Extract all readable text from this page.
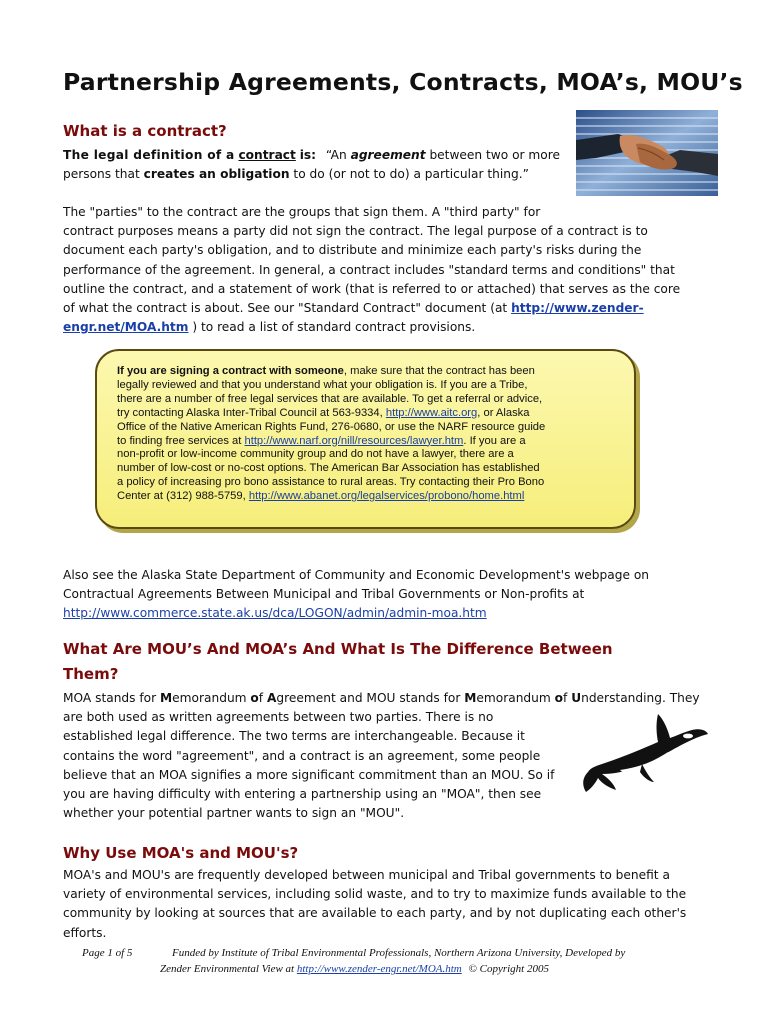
Partnership Agreements, Contracts, MOA’s, MOU’s
What is a contract?
The legal definition of a contract is: “An agreement between two or more
persons that creates an obligation to do (or not to do) a particular thing.”
The "parties" to the contract are the groups that sign them. A "third party" for
contract purposes means a party did not sign the contract. The legal purpose of a contract is to
document each party's obligation, and to distribute and minimize each party's risks during the
performance of the agreement. In general, a contract includes "standard terms and conditions" that
outline the contract, and a statement of work (that is referred to or attached) that serves as the core
of what the contract is about. See our "Standard Contract" document (at http://www.zender-
engr.net/MOA.htm ) to read a list of standard contract provisions.
If you are signing a contract with someone, make sure that the contract has been
legally reviewed and that you understand what your obligation is. If you are a Tribe,
there are a number of free legal services that are available. To get a referral or advice,
try contacting Alaska Inter-Tribal Council at 563-9334, http://www.aitc.org, or Alaska
Office of the Native American Rights Fund, 276-0680, or use the NARF resource guide
to finding free services at http://www.narf.org/nill/resources/lawyer.htm. If you are a
non-profit or low-income community group and do not have a lawyer, there are a
number of low-cost or no-cost options. The American Bar Association has established
a policy of increasing pro bono assistance to rural areas. Try contacting their Pro Bono
Center at (312) 988-5759, http://www.abanet.org/legalservices/probono/home.html
Also see the Alaska State Department of Community and Economic Development's webpage on
Contractual Agreements Between Municipal and Tribal Governments or Non-profits at
http://www.commerce.state.ak.us/dca/LOGON/admin/admin-moa.htm
What Are MOU’s And MOA’s And What Is The Difference Between
Them?
MOA stands for Memorandum of Agreement and MOU stands for Memorandum of Understanding. They
are both used as written agreements between two parties. There is no
established legal difference. The two terms are interchangeable. Because it
contains the word "agreement", and a contract is an agreement, some people
believe that an MOA signifies a more significant commitment than an MOU. So if
you are having difficulty with entering a partnership using an "MOA", then see
whether your potential partner wants to sign an "MOU".
Why Use MOA's and MOU's?
MOA's and MOU's are frequently developed between municipal and Tribal governments to benefit a
variety of environmental services, including solid waste, and to try to maximize funds available to the
community by looking at sources that are available to each party, and by not duplicating each other's
efforts.
Page 1 of 5	Funded by Institute of Tribal Environmental Professionals, Northern Arizona University, Developed by
Zender Environmental View at http://www.zender-engr.net/MOA.htm © Copyright 2005
